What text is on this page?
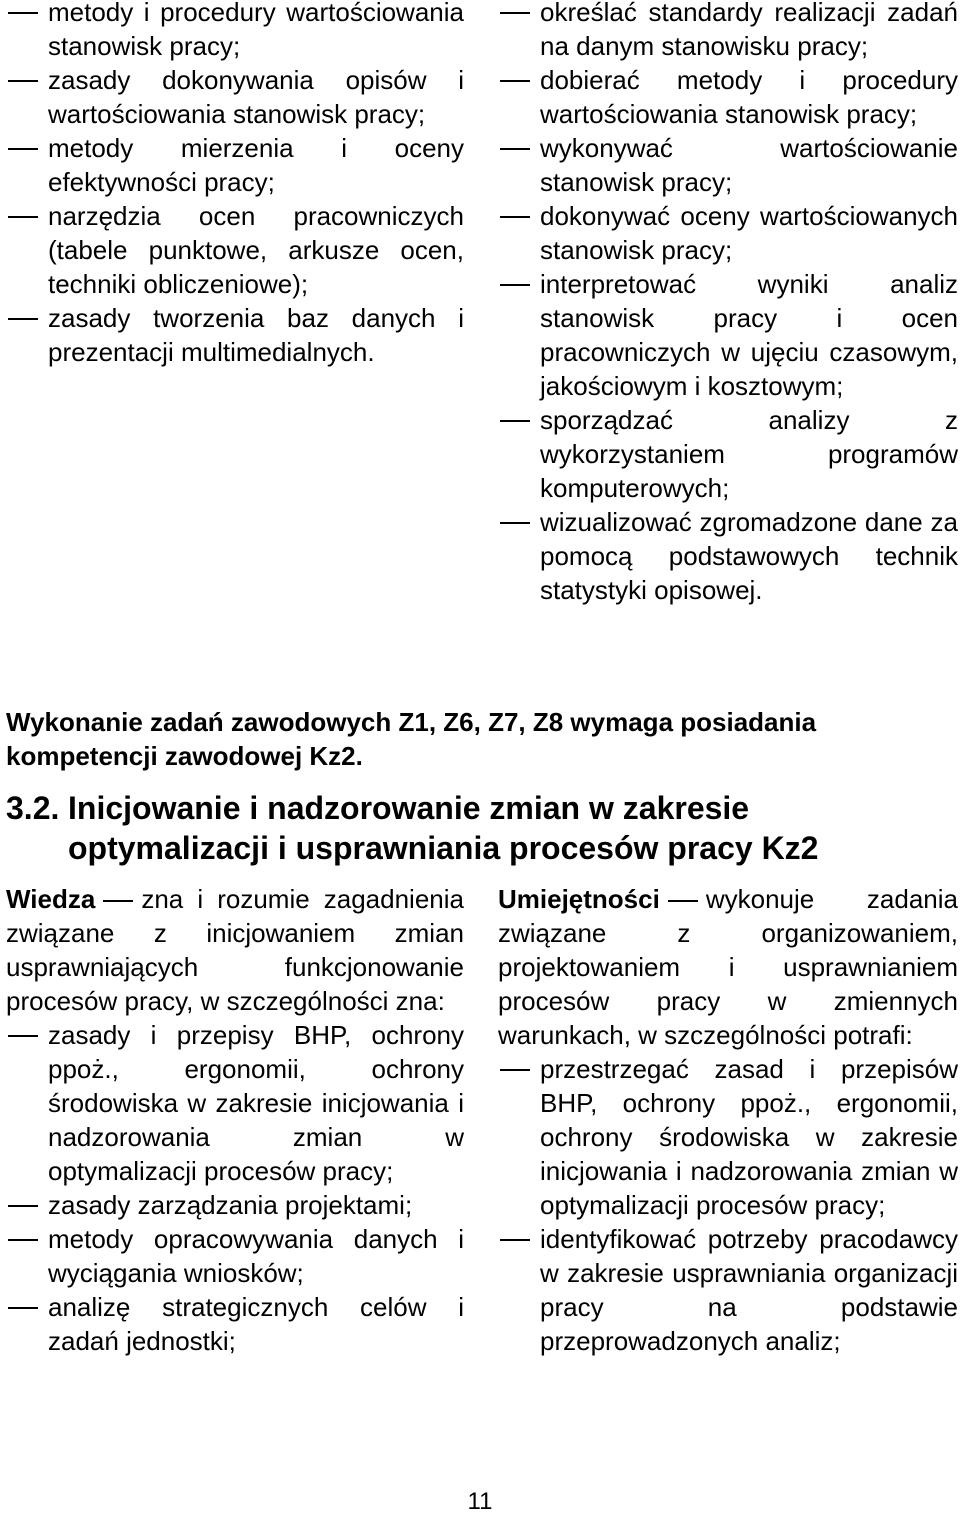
metody i procedury wartościowania stanowisk pracy;
zasady dokonywania opisów i wartościowania stanowisk pracy;
metody mierzenia i oceny efektywności pracy;
narzędzia ocen pracowniczych (tabele punktowe, arkusze ocen, techniki obliczeniowe);
zasady tworzenia baz danych i prezentacji multimedialnych.
określać standardy realizacji zadań na danym stanowisku pracy;
dobierać metody i procedury wartościowania stanowisk pracy;
wykonywać wartościowanie stanowisk pracy;
dokonywać oceny wartościowanych stanowisk pracy;
interpretować wyniki analiz stanowisk pracy i ocen pracowniczych w ujęciu czasowym, jakościowym i kosztowym;
sporządzać analizy z wykorzystaniem programów komputerowych;
wizualizować zgromadzone dane za pomocą podstawowych technik statystyki opisowej.
Wykonanie zadań zawodowych Z1, Z6, Z7, Z8 wymaga posiadania kompetencji zawodowej Kz2.
3.2. Inicjowanie i nadzorowanie zmian w zakresie
optymalizacji i usprawniania procesów pracy Kz2
Wiedza zna i rozumie zagadnienia związane z inicjowaniem zmian usprawniających funkcjonowanie procesów pracy, w szczególności zna:
zasady i przepisy BHP, ochrony ppoż., ergonomii, ochrony środowiska w zakresie inicjowania i nadzorowania zmian w optymalizacji procesów pracy;
zasady zarządzania projektami;
metody opracowywania danych i wyciągania wniosków;
analizę strategicznych celów i zadań jednostki;
Umiejętności wykonuje zadania związane z organizowaniem, projektowaniem i usprawnianiem procesów pracy w zmiennych warunkach, w szczególności potrafi:
przestrzegać zasad i przepisów BHP, ochrony ppoż., ergonomii, ochrony środowiska w zakresie inicjowania i nadzorowania zmian w optymalizacji procesów pracy;
identyfikować potrzeby pracodawcy w zakresie usprawniania organizacji pracy na podstawie przeprowadzonych analiz;
11
